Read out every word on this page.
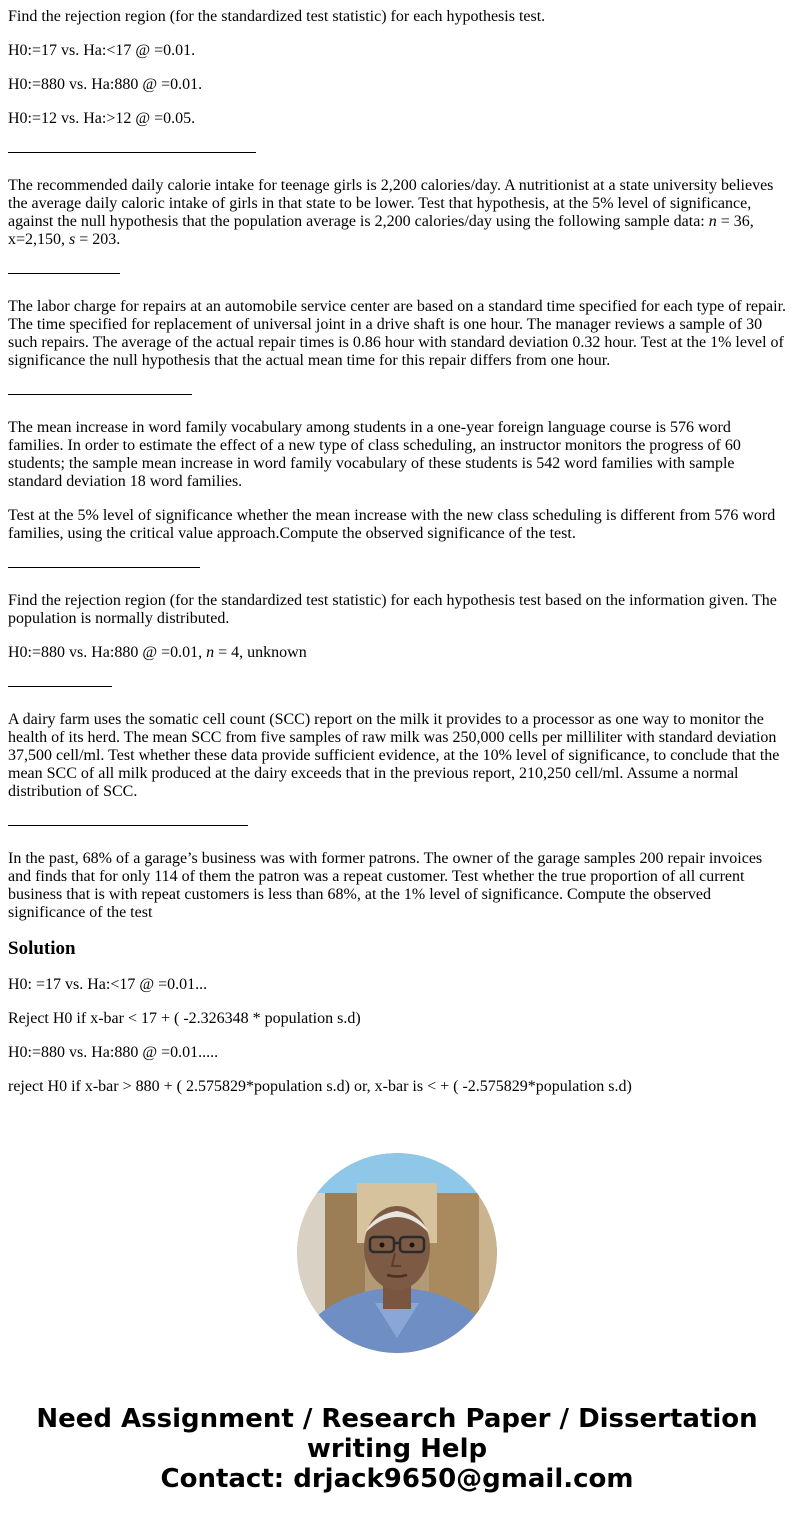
Find the rejection region (for the standardized test statistic) for each hypothesis test.

H0:=17 vs. Ha:<17 @ =0.01.

H0:=880 vs. Ha:880 @ =0.01.

H0:=12 vs. Ha:>12 @ =0.05.

The recommended daily calorie intake for teenage girls is 2,200 calories/day. A nutritionist at a state university believes the average daily caloric intake of girls in that state to be lower. Test that hypothesis, at the 5% level of significance, against the null hypothesis that the population average is 2,200 calories/day using the following sample data: n = 36, x=2,150, s = 203.

The labor charge for repairs at an automobile service center are based on a standard time specified for each type of repair. The time specified for replacement of universal joint in a drive shaft is one hour. The manager reviews a sample of 30 such repairs. The average of the actual repair times is 0.86 hour with standard deviation 0.32 hour. Test at the 1% level of significance the null hypothesis that the actual mean time for this repair differs from one hour.

The mean increase in word family vocabulary among students in a one-year foreign language course is 576 word families. In order to estimate the effect of a new type of class scheduling, an instructor monitors the progress of 60 students; the sample mean increase in word family vocabulary of these students is 542 word families with sample standard deviation 18 word families.

Test at the 5% level of significance whether the mean increase with the new class scheduling is different from 576 word families, using the critical value approach.Compute the observed significance of the test.

Find the rejection region (for the standardized test statistic) for each hypothesis test based on the information given. The population is normally distributed.

H0:=880 vs. Ha:880 @ =0.01, n = 4, unknown

A dairy farm uses the somatic cell count (SCC) report on the milk it provides to a processor as one way to monitor the health of its herd. The mean SCC from five samples of raw milk was 250,000 cells per milliliter with standard deviation 37,500 cell/ml. Test whether these data provide sufficient evidence, at the 10% level of significance, to conclude that the mean SCC of all milk produced at the dairy exceeds that in the previous report, 210,250 cell/ml. Assume a normal distribution of SCC.

In the past, 68% of a garage’s business was with former patrons. The owner of the garage samples 200 repair invoices and finds that for only 114 of them the patron was a repeat customer. Test whether the true proportion of all current business that is with repeat customers is less than 68%, at the 1% level of significance. Compute the observed significance of the test

Solution

H0: =17 vs. Ha:<17 @ =0.01...

Reject H0 if x-bar < 17 + ( -2.326348 * population s.d)

H0:=880 vs. Ha:880 @ =0.01.....

reject H0 if x-bar > 880 + ( 2.575829*population s.d) or, x-bar is < + ( -2.575829*population s.d)

Need Assignment / Research Paper / Dissertation
writing Help
Contact: drjack9650@gmail.com
